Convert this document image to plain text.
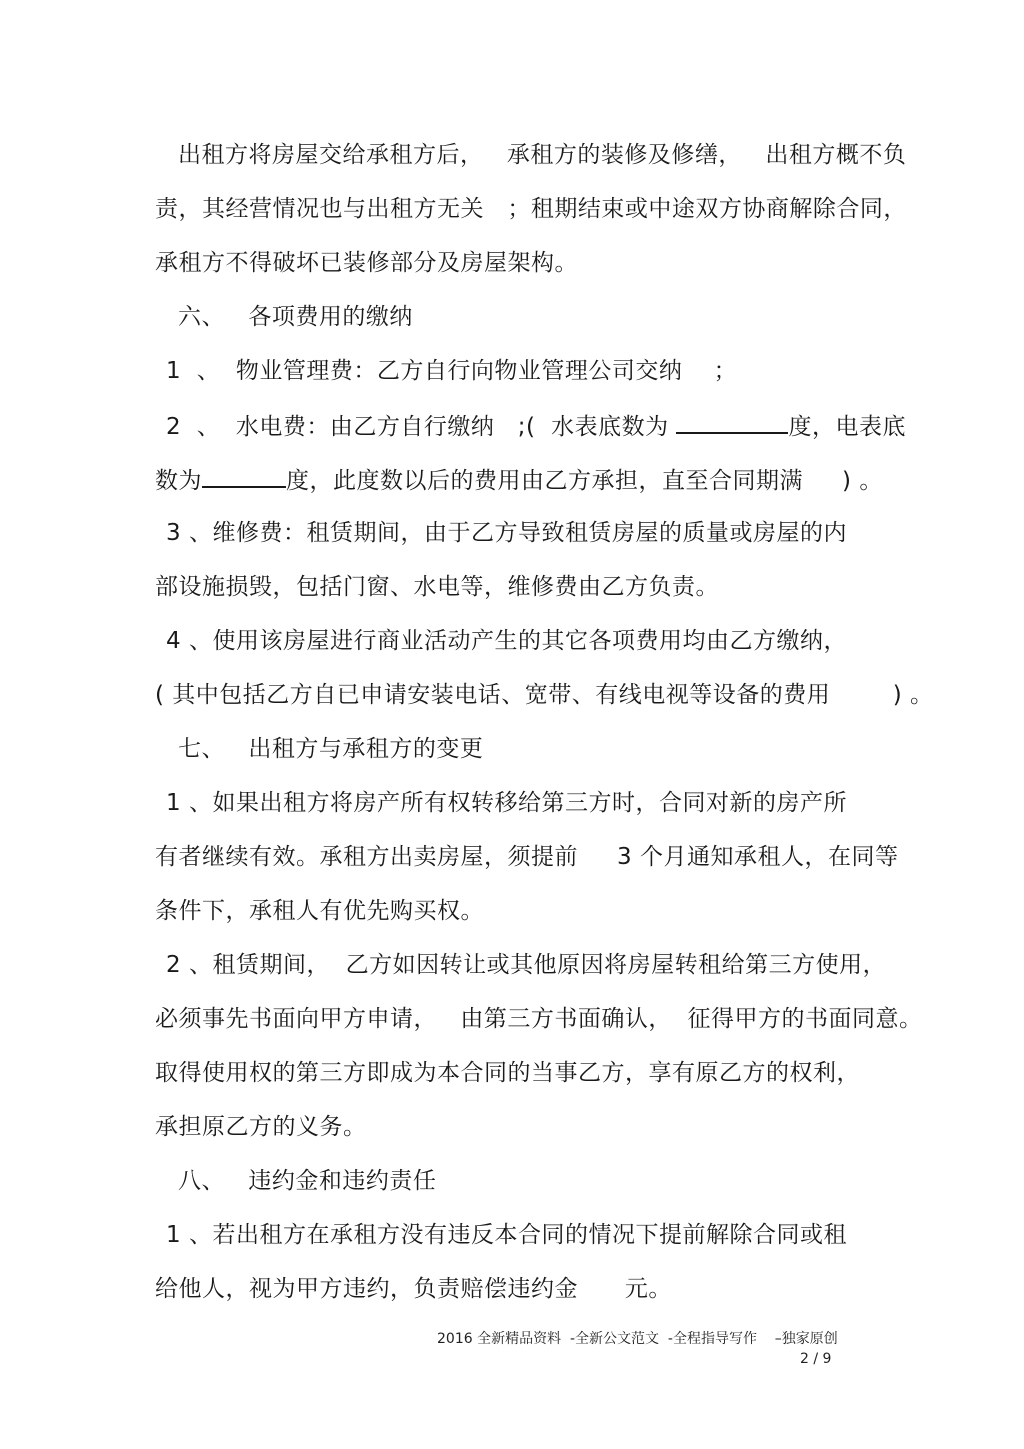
出租方将房屋交给承租方后，   承租方的装修及修缮，   出租方概不负
责，其经营情况也与出租方无关   ；租期结束或中途双方协商解除合同，
承租方不得破坏已装修部分及房屋架构。
六、   各项费用的缴纳
1  、  物业管理费：乙方自行向物业管理公司交纳    ；
2  、  水电费：由乙方自行缴纳   ;(  水表底数为	度，电表底
数为	度，此度数以后的费用由乙方承担，直至合同期满     ) 。
3 、维修费：租赁期间，由于乙方导致租赁房屋的质量或房屋的内
部设施损毁，包括门窗、水电等，维修费由乙方负责。
4 、使用该房屋进行商业活动产生的其它各项费用均由乙方缴纳，
( 其中包括乙方自已申请安装电话、宽带、有线电视等设备的费用        ) 。
七、   出租方与承租方的变更
1 、如果出租方将房产所有权转移给第三方时，合同对新的房产所
有者继续有效。承租方出卖房屋，须提前     3 个月通知承租人，在同等
条件下，承租人有优先购买权。
2 、租赁期间，  乙方如因转让或其他原因将房屋转租给第三方使用，
必须事先书面向甲方申请，   由第三方书面确认，  征得甲方的书面同意。
取得使用权的第三方即成为本合同的当事乙方，享有原乙方的权利，
承担原乙方的义务。
八、   违约金和违约责任
1 、若出租方在承租方没有违反本合同的情况下提前解除合同或租
给他人，视为甲方违约，负责赔偿违约金      元。
2016 全新精品资料  -全新公文范文  -全程指导写作    –独家原创
2 / 9
